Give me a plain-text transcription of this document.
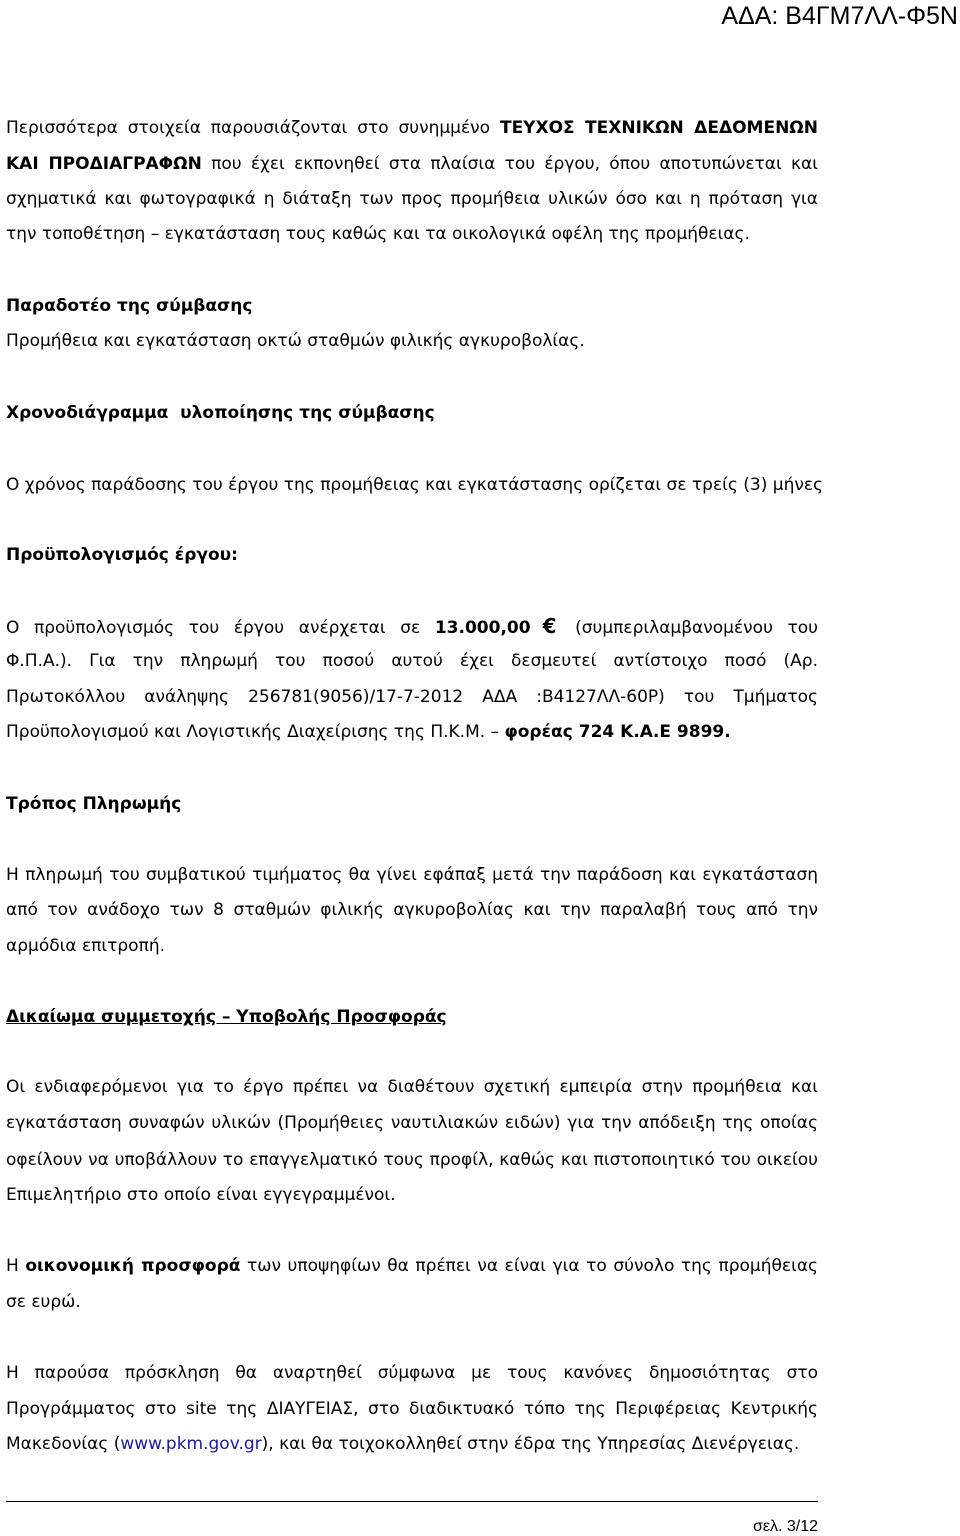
ΑΔΑ: Β4ΓΜ7ΛΛ-Φ5Ν
Περισσότερα στοιχεία παρουσιάζονται στο συνημμένο ΤΕΥΧΟΣ ΤΕΧΝΙΚΩΝ ΔΕΔΟΜΕΝΩΝ
ΚΑΙ ΠΡΟΔΙΑΓΡΑΦΩΝ που έχει εκπονηθεί στα πλαίσια του έργου, όπου αποτυπώνεται και
σχηματικά και φωτογραφικά η διάταξη των προς προμήθεια υλικών όσο και η πρόταση για
την τοποθέτηση – εγκατάσταση τους καθώς και τα οικολογικά οφέλη της προμήθειας.
Παραδοτέο της σύμβασης
Προμήθεια και εγκατάσταση οκτώ σταθμών φιλικής αγκυροβολίας.
Χρονοδιάγραμμα  υλοποίησης της σύμβασης
Ο χρόνος παράδοσης του έργου της προμήθειας και εγκατάστασης ορίζεται σε τρείς (3) μήνες
Προϋπολογισμός έργου:
Ο προϋπολογισμός του έργου ανέρχεται σε 13.000,00 € (συμπεριλαμβανομένου του
Φ.Π.Α.). Για την πληρωμή του ποσού αυτού έχει δεσμευτεί αντίστοιχο ποσό (Αρ.
Πρωτοκόλλου ανάληψης 256781(9056)/17-7-2012 ΑΔΑ :Β4127ΛΛ-60Ρ) του Τμήματος
Προϋπολογισμού και Λογιστικής Διαχείρισης της Π.Κ.Μ. – φορέας 724 Κ.Α.Ε 9899.
Τρόπος Πληρωμής
Η πληρωμή του συμβατικού τιμήματος θα γίνει εφάπαξ μετά την παράδοση και εγκατάσταση
από τον ανάδοχο των 8 σταθμών φιλικής αγκυροβολίας και την παραλαβή τους από την
αρμόδια επιτροπή.
Δικαίωμα συμμετοχής – Υποβολής Προσφοράς
Οι ενδιαφερόμενοι για το έργο πρέπει να διαθέτουν σχετική εμπειρία στην προμήθεια και
εγκατάσταση συναφών υλικών (Προμήθειες ναυτιλιακών ειδών) για την απόδειξη της οποίας
οφείλουν να υποβάλλουν το επαγγελματικό τους προφίλ, καθώς και πιστοποιητικό του οικείου
Επιμελητήριο στο οποίο είναι εγγεγραμμένοι.
Η οικονομική προσφορά των υποψηφίων θα πρέπει να είναι για το σύνολο της προμήθειας
σε ευρώ.
Η παρούσα πρόσκληση θα αναρτηθεί σύμφωνα με τους κανόνες δημοσιότητας στο
Προγράμματος στο site της ΔΙΑΥΓΕΙΑΣ, στο διαδικτυακό τόπο της Περιφέρειας Κεντρικής
Μακεδονίας (www.pkm.gov.gr), και θα τοιχοκολληθεί στην έδρα της Υπηρεσίας Διενέργειας.
σελ. 3/12
